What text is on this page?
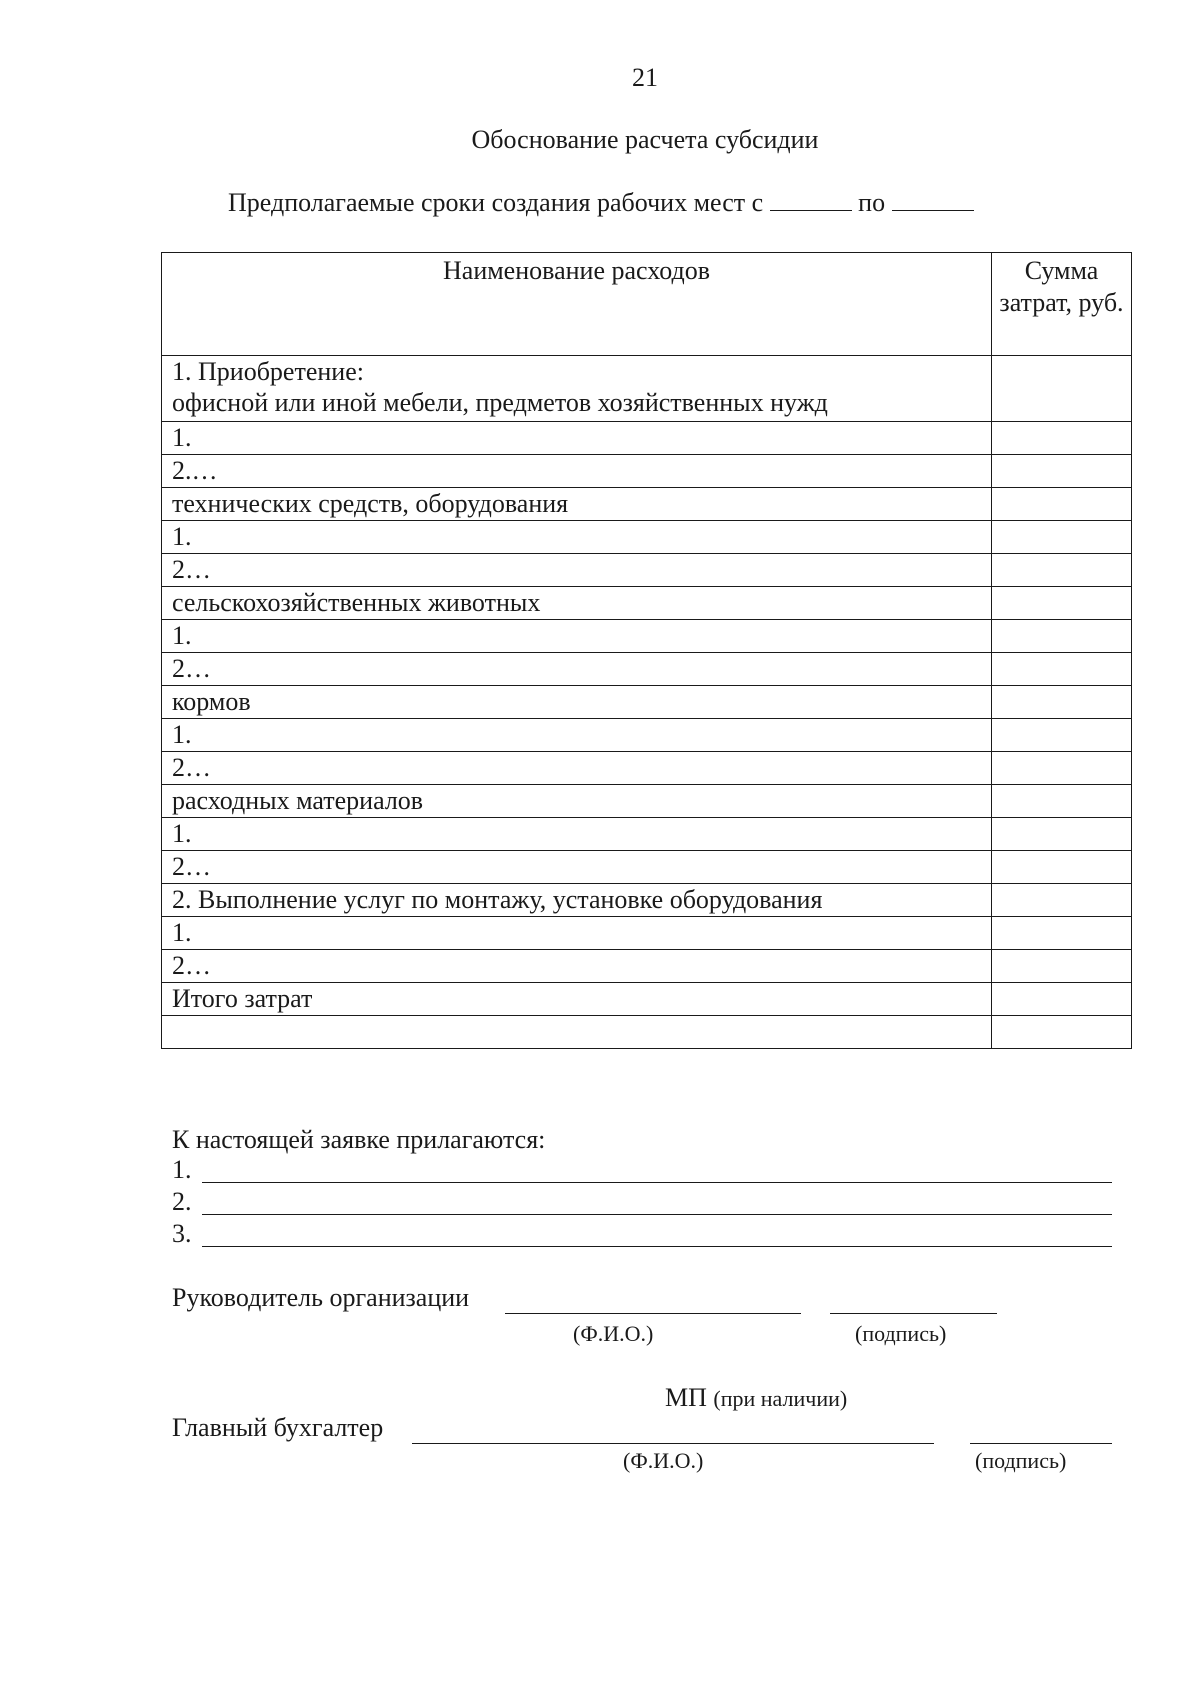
21
Обоснование расчета субсидии
Предполагаемые сроки создания рабочих мест с	по
Наименование расходов	Сумма затрат, руб.
1. Приобретение:
офисной или иной мебели, предметов хозяйственных нужд	
1.	
2.…	
технических средств, оборудования	
1.	
2…	
сельскохозяйственных животных	
1.	
2…	
кормов	
1.	
2…	
расходных материалов	
1.	
2…	
2. Выполнение услуг по монтажу, установке оборудования	
1.	
2…	
Итого затрат	

К настоящей заявке прилагаются:
1.
2.
3.
Руководитель организации
(Ф.И.О.)	(подпись)
МП (при наличии)
Главный бухгалтер
(Ф.И.О.)	(подпись)
